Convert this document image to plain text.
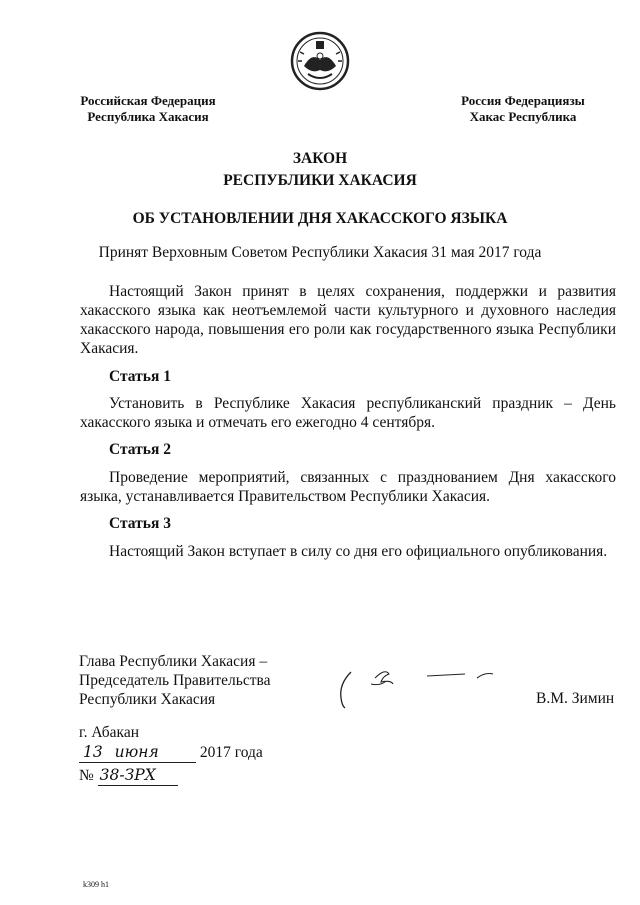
Российская Федерация
Республика Хакасия
Россия Федерациязы
Хакас Республика
ЗАКОН
РЕСПУБЛИКИ ХАКАСИЯ
ОБ УСТАНОВЛЕНИИ ДНЯ ХАКАССКОГО ЯЗЫКА
Принят Верховным Советом Республики Хакасия 31 мая 2017 года
Настоящий Закон принят в целях сохранения, поддержки и развития хакасского языка как неотъемлемой части культурного и духовного наследия хакасского народа, повышения его роли как государственного языка Республики Хакасия.
Статья 1
Установить в Республике Хакасия республиканский праздник – День хакасского языка и отмечать его ежегодно 4 сентября.
Статья 2
Проведение мероприятий, связанных с празднованием Дня хакасского языка, устанавливается Правительством Республики Хакасия.
Статья 3
Настоящий Закон вступает в силу со дня его официального опубликования.
Глава Республики Хакасия –
Председатель Правительства
Республики Хакасия	В.М. Зимин
г. Абакан
13 июня	2017 года
№ 38-ЗРХ
k309 h1
